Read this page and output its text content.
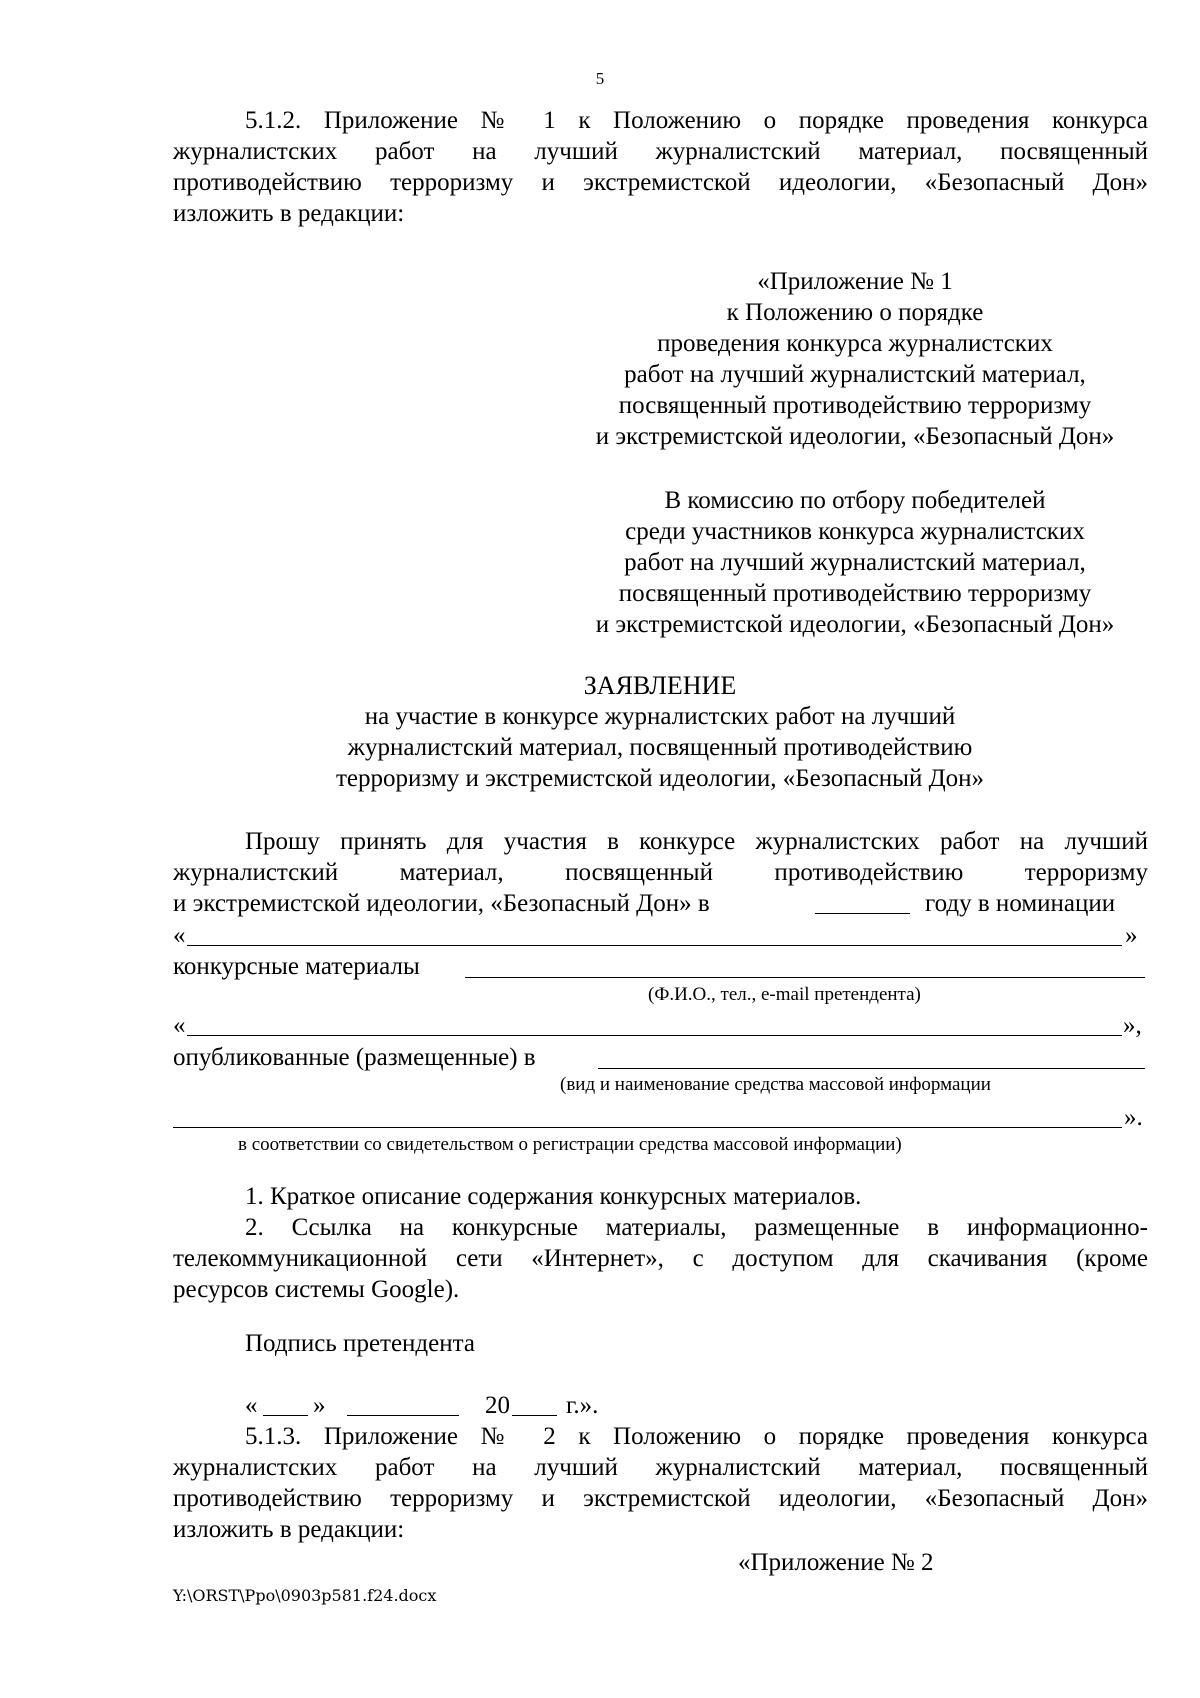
5

5.1.2. Приложение № 1 к Положению о порядке проведения конкурса

журналистских работ на лучший журналистский материал, посвященный

противодействию терроризму и экстремистской идеологии, «Безопасный Дон»

изложить в редакции:

«Приложение № 1
к Положению о порядке
проведения конкурса журналистских
работ на лучший журналистский материал,
посвященный противодействию терроризму
и экстремистской идеологии, «Безопасный Дон»
В комиссию по отбору победителей
среди участников конкурса журналистских
работ на лучший журналистский материал,
посвященный противодействию терроризму
и экстремистской идеологии, «Безопасный Дон»
ЗАЯВЛЕНИЕ
на участие в конкурсе журналистских работ на лучший
журналистский материал, посвященный противодействию
терроризму и экстремистской идеологии, «Безопасный Дон»

Прошу принять для участия в конкурсе журналистских работ на лучший

журналистский материал, посвященный противодействию терроризму

и экстремистской идеологии, «Безопасный Дон» в	году в номинации
«	»
конкурсные материалы
(Ф.И.О., тел., e-mail претендента)
«	»,
опубликованные (размещенные) в
(вид и наименование средства массовой информации
».
в соответствии со свидетельством о регистрации средства массовой информации)

1. Краткое описание содержания конкурсных материалов.

2. Ссылка на конкурсные материалы, размещенные в информационно-

телекоммуникационной сети «Интернет», с доступом для скачивания (кроме

ресурсов системы Google).

Подпись претендента
« »	20 г.».

5.1.3. Приложение № 2 к Положению о порядке проведения конкурса

журналистских работ на лучший журналистский материал, посвященный

противодействию терроризму и экстремистской идеологии, «Безопасный Дон»

изложить в редакции:

«Приложение № 2
Y:\ORST\Ppo\0903p581.f24.docx
